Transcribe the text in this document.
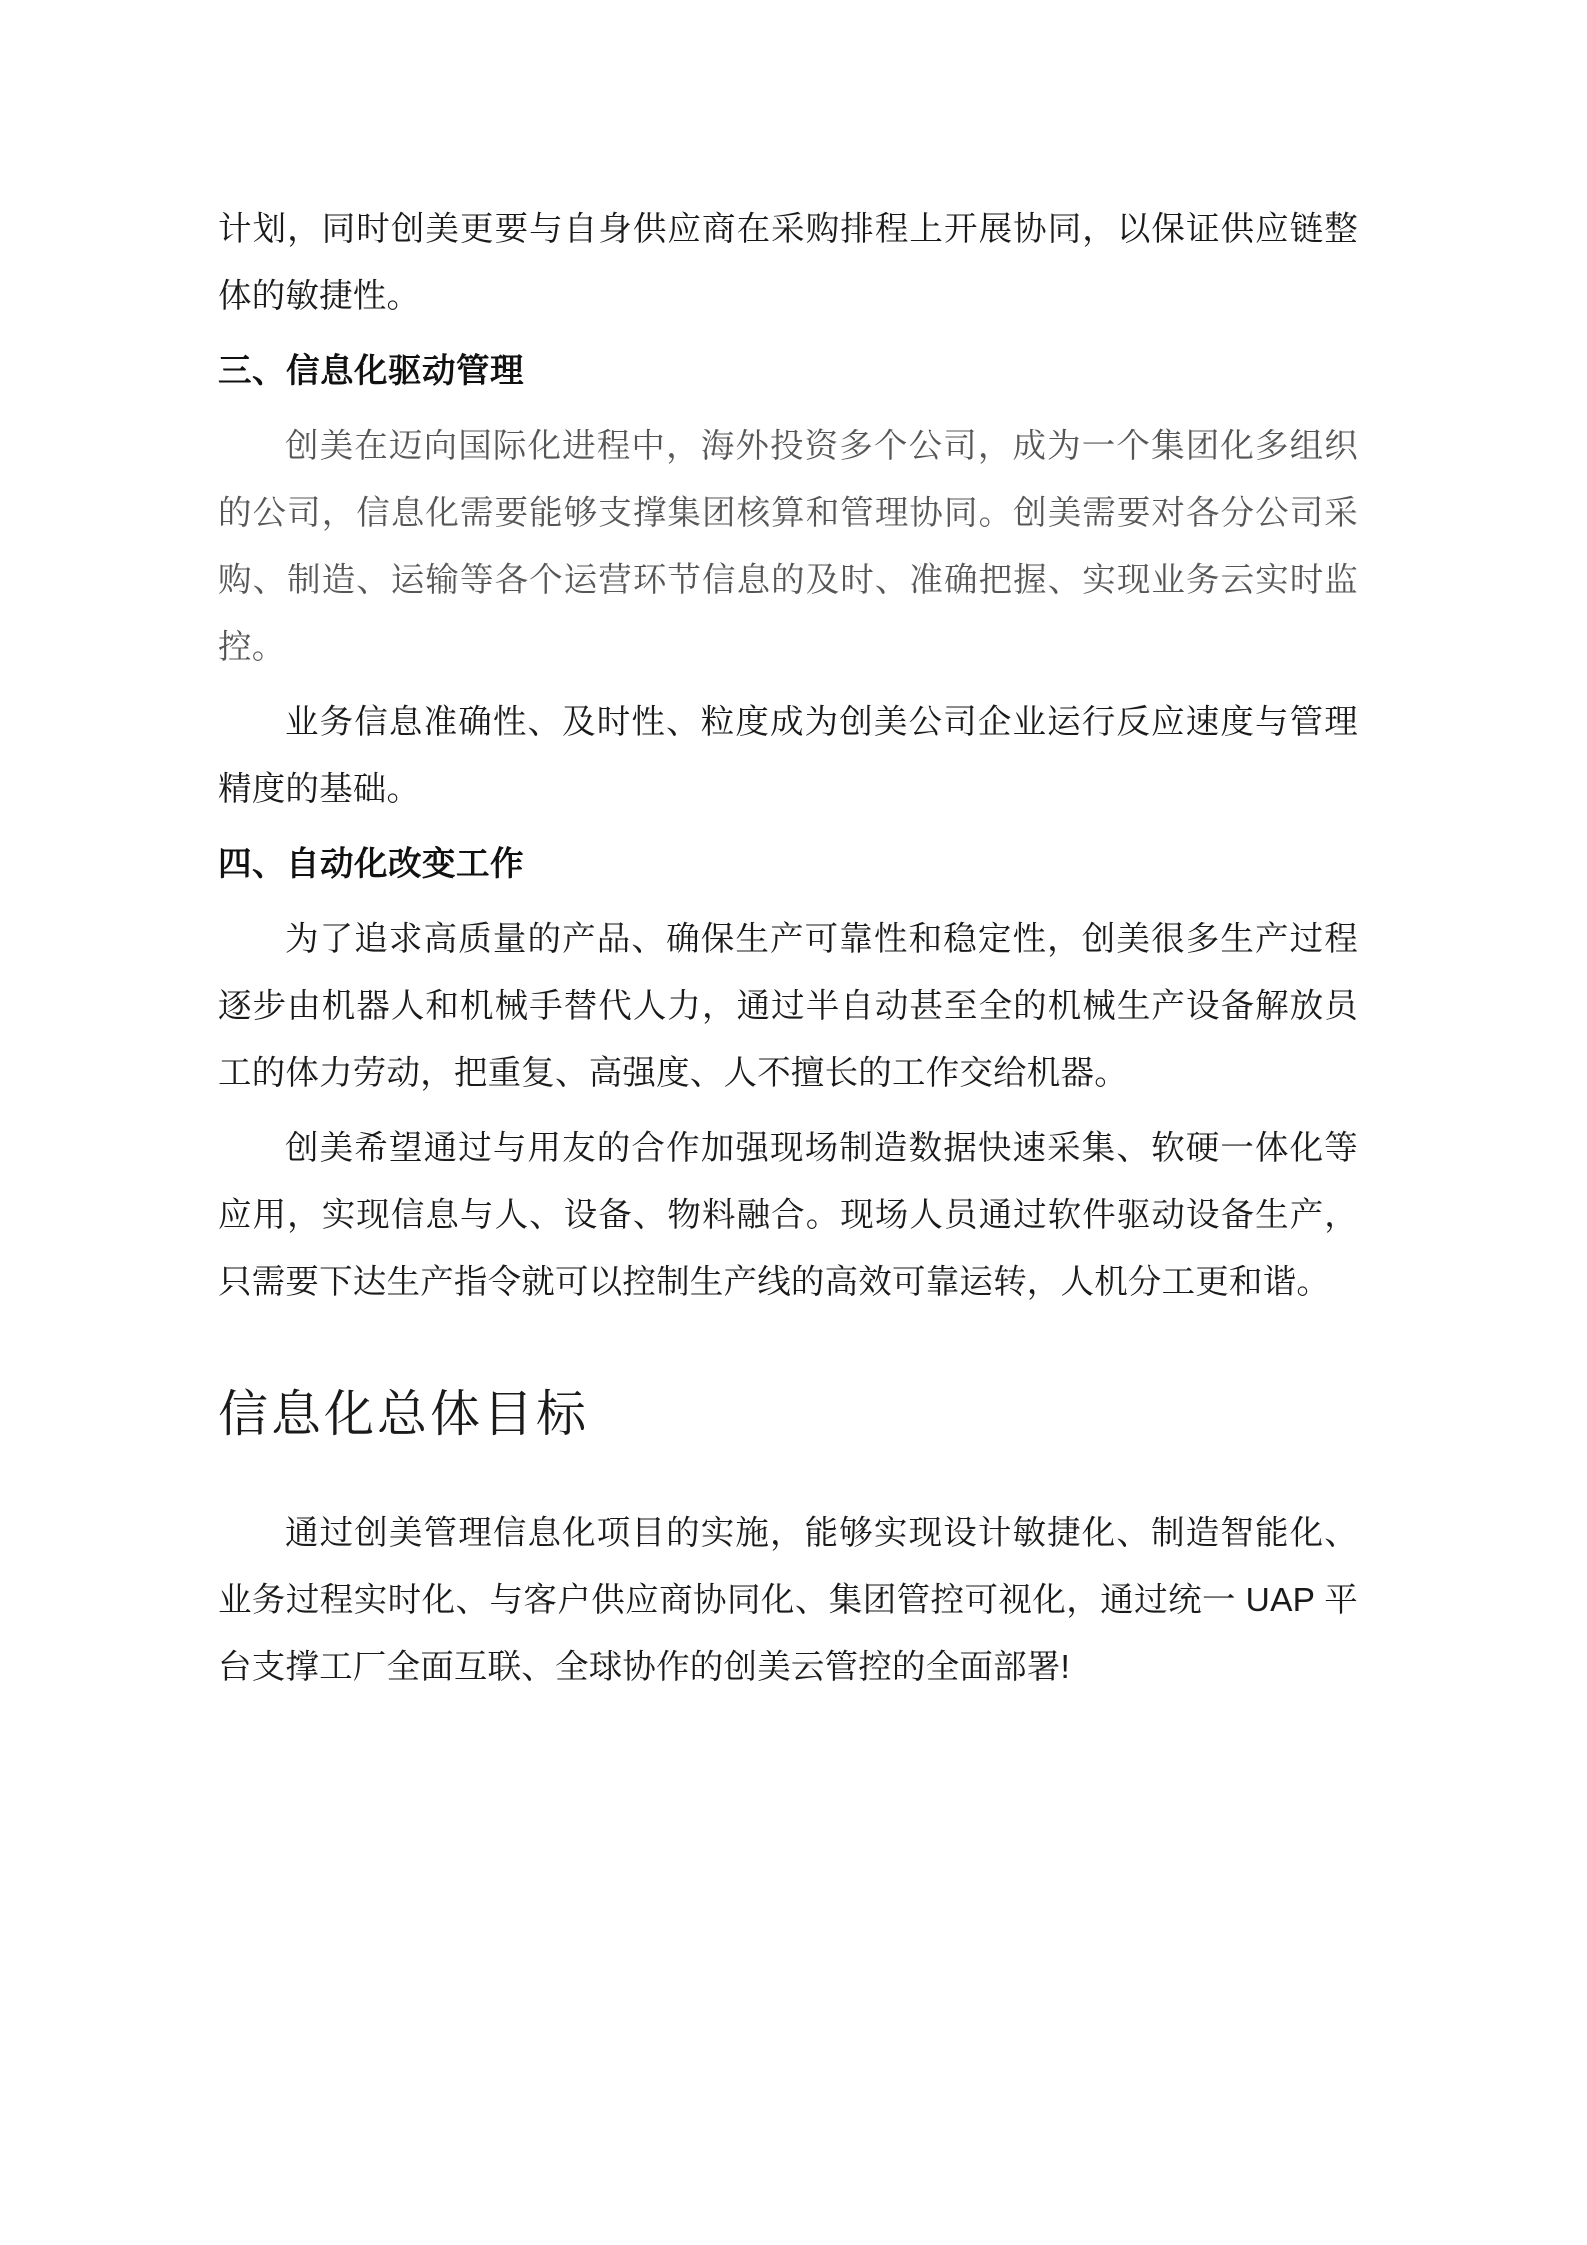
计划，同时创美更要与自身供应商在采购排程上开展协同，以保证供应链整体的敏捷性。

三、信息化驱动管理

创美在迈向国际化进程中，海外投资多个公司，成为一个集团化多组织的公司，信息化需要能够支撑集团核算和管理协同。创美需要对各分公司采购、制造、运输等各个运营环节信息的及时、准确把握、实现业务云实时监控。

业务信息准确性、及时性、粒度成为创美公司企业运行反应速度与管理精度的基础。

四、自动化改变工作

为了追求高质量的产品、确保生产可靠性和稳定性，创美很多生产过程逐步由机器人和机械手替代人力，通过半自动甚至全的机械生产设备解放员工的体力劳动，把重复、高强度、人不擅长的工作交给机器。

创美希望通过与用友的合作加强现场制造数据快速采集、软硬一体化等应用，实现信息与人、设备、物料融合。现场人员通过软件驱动设备生产，只需要下达生产指令就可以控制生产线的高效可靠运转，人机分工更和谐。

信息化总体目标

通过创美管理信息化项目的实施，能够实现设计敏捷化、制造智能化、业务过程实时化、与客户供应商协同化、集团管控可视化，通过统一 UAP 平台支撑工厂全面互联、全球协作的创美云管控的全面部署!
